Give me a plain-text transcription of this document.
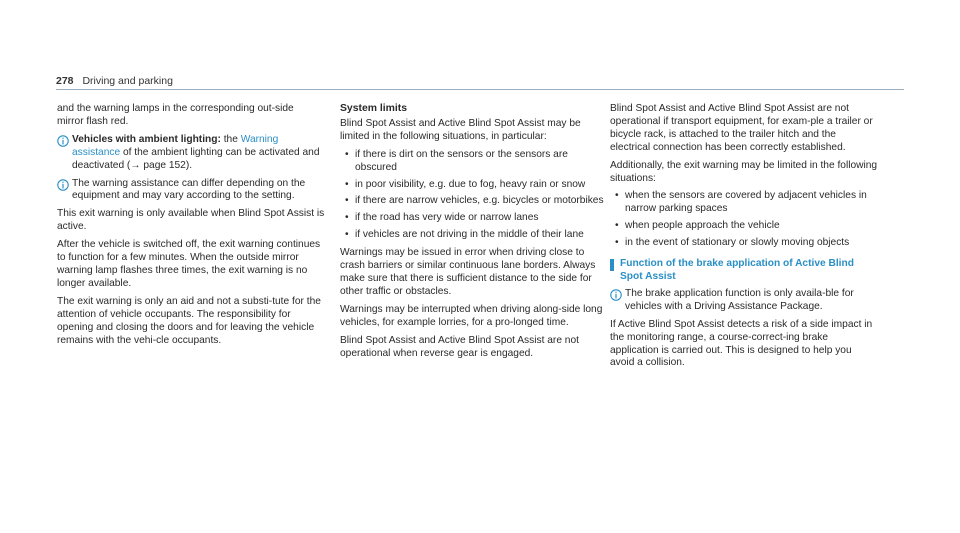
278 Driving and parking

and the warning lamps in the corresponding out-side mirror flash red.

Vehicles with ambient lighting: the Warning assistance of the ambient lighting can be activated and deactivated (→ page 152).
The warning assistance can differ depending on the equipment and may vary according to the setting.

This exit warning is only available when Blind Spot Assist is active.

After the vehicle is switched off, the exit warning continues to function for a few minutes. When the outside mirror warning lamp flashes three times, the exit warning is no longer available.

The exit warning is only an aid and not a substi-tute for the attention of vehicle occupants. The responsibility for opening and closing the doors and for leaving the vehicle remains with the vehi-cle occupants.

System limits

Blind Spot Assist and Active Blind Spot Assist may be limited in the following situations, in particular:

• if there is dirt on the sensors or the sensors are obscured
• in poor visibility, e.g. due to fog, heavy rain or snow
• if there are narrow vehicles, e.g. bicycles or motorbikes
• if the road has very wide or narrow lanes
• if vehicles are not driving in the middle of their lane

Warnings may be issued in error when driving close to crash barriers or similar continuous lane borders. Always make sure that there is sufficient distance to the side for other traffic or obstacles.

Warnings may be interrupted when driving along-side long vehicles, for example lorries, for a pro-longed time.

Blind Spot Assist and Active Blind Spot Assist are not operational when reverse gear is engaged.

Blind Spot Assist and Active Blind Spot Assist are not operational if transport equipment, for exam-ple a trailer or bicycle rack, is attached to the trailer hitch and the electrical connection has been correctly established.

Additionally, the exit warning may be limited in the following situations:

• when the sensors are covered by adjacent vehicles in narrow parking spaces
• when people approach the vehicle
• in the event of stationary or slowly moving objects
Function of the brake application of Active Blind Spot Assist
The brake application function is only availa-ble for vehicles with a Driving Assistance Package.

If Active Blind Spot Assist detects a risk of a side impact in the monitoring range, a course-correct-ing brake application is carried out. This is designed to help you avoid a collision.
